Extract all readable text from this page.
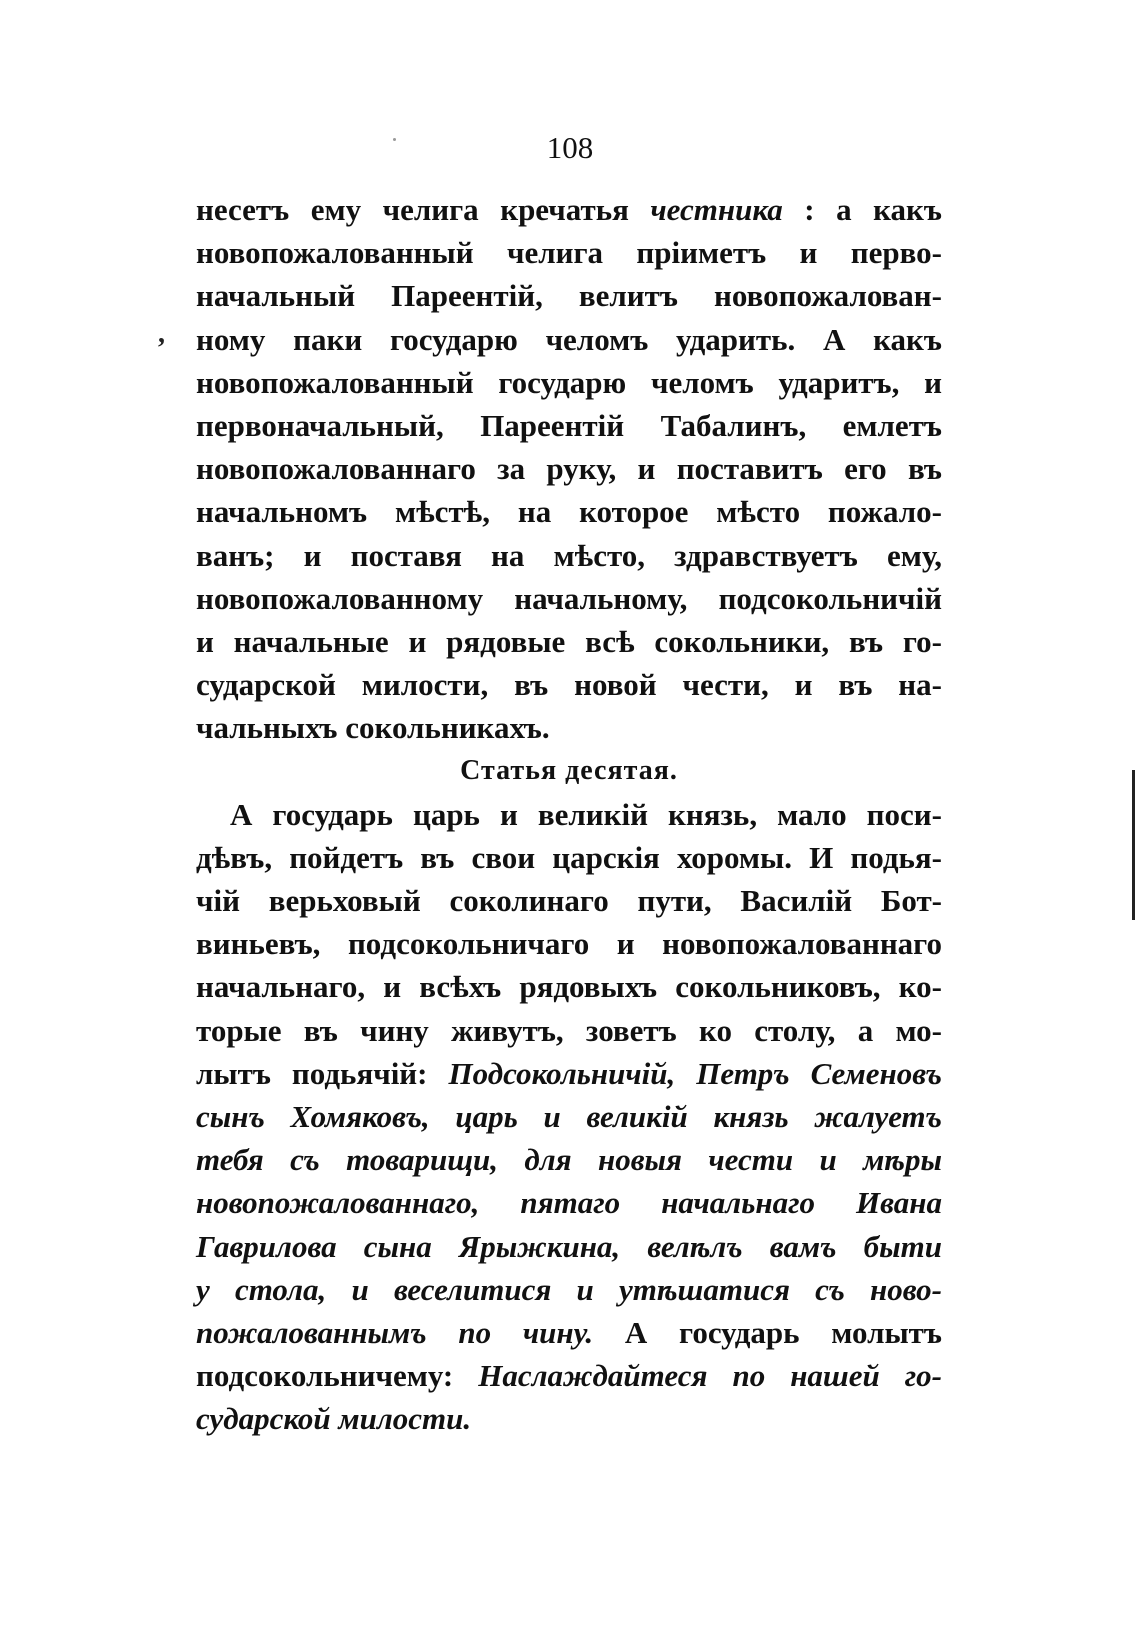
,
108
несетъ ему челига кречатья честника : а какъ
новопожалованный челига пріиметъ и перво-
начальный Пареентій, велитъ новопожалован-
ному паки государю челомъ ударить. А какъ
новопожалованный государю челомъ ударитъ, и
первоначальный, Пареентій Табалинъ, емлетъ
новопожалованнаго за руку, и поставитъ его въ
начальномъ мѣстѣ, на которое мѣсто пожало-
ванъ; и поставя на мѣсто, здравствуетъ ему,
новопожалованному начальному, подсокольничій
и начальные и рядовые всѣ сокольники, въ го-
сударской милости, въ новой чести, и въ на-
чальныхъ сокольникахъ.
Статья десятая.
А государь царь и великій князь, мало поси-
дѣвъ, пойдетъ въ свои царскія хоромы. И подья-
чій верьховый соколинаго пути, Василій Бот-
виньевъ, подсокольничаго и новопожалованнаго
начальнаго, и всѣхъ рядовыхъ сокольниковъ, ко-
торые въ чину живутъ, зоветъ ко столу, а мо-
лытъ подьячій: Подсокольничій, Петръ Семеновъ
сынъ Хомяковъ, царь и великій князь жалуетъ
тебя съ товарищи, для новыя чести и мѣры
новопожалованнаго, пятаго начальнаго Ивана
Гаврилова сына Ярыжкина, велѣлъ вамъ быти
у стола, и веселитися и утѣшатися съ ново-
пожалованнымъ по чину. А государь молытъ
подсокольничему: Наслаждайтеся по нашей го-
сударской милости.
